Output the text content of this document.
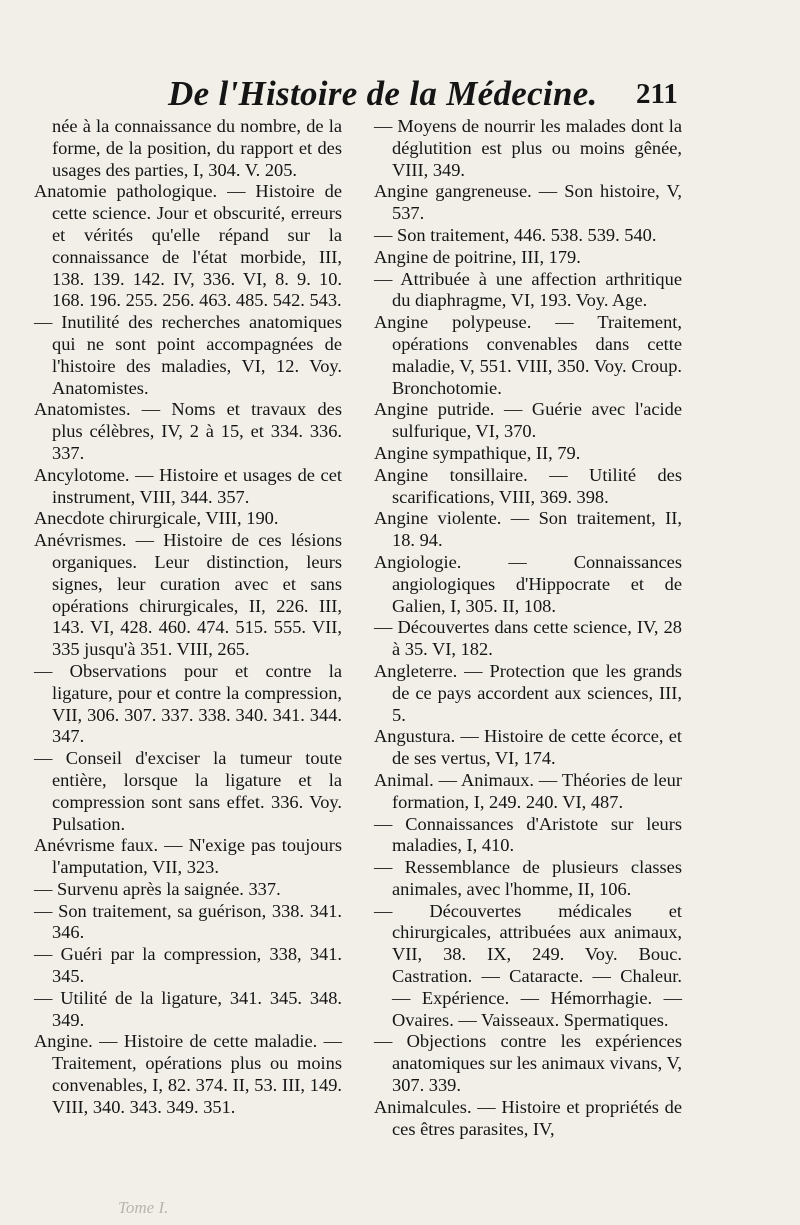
De l'Histoire de la Médecine. 211
née à la connaissance du nombre, de la forme, de la position, du rapport et des usages des parties, I, 304. V. 205.
Anatomie pathologique. — Histoire de cette science. Jour et obscurité, erreurs et vérités qu'elle répand sur la connaissance de l'état morbide, III, 138. 139. 142. IV, 336. VI, 8. 9. 10. 168. 196. 255. 256. 463. 485. 542. 543.
— Inutilité des recherches anatomiques qui ne sont point accompagnées de l'histoire des maladies, VI, 12. Voy. Anatomistes.
Anatomistes. — Noms et travaux des plus célèbres, IV, 2 à 15, et 334. 336. 337.
Ancylotome. — Histoire et usages de cet instrument, VIII, 344. 357.
Anecdote chirurgicale, VIII, 190.
Anévrismes. — Histoire de ces lésions organiques. Leur distinction, leurs signes, leur curation avec et sans opérations chirurgicales, II, 226. III, 143. VI, 428. 460. 474. 515. 555. VII, 335 jusqu'à 351. VIII, 265.
— Observations pour et contre la ligature, pour et contre la compression, VII, 306. 307. 337. 338. 340. 341. 344. 347.
— Conseil d'exciser la tumeur toute entière, lorsque la ligature et la compression sont sans effet. 336. Voy. Pulsation.
Anévrisme faux. — N'exige pas toujours l'amputation, VII, 323.
— Survenu après la saignée. 337.
— Son traitement, sa guérison, 338. 341. 346.
— Guéri par la compression, 338, 341. 345.
— Utilité de la ligature, 341. 345. 348. 349.
Angine. — Histoire de cette maladie. — Traitement, opérations plus ou moins convenables, I, 82. 374. II, 53. III, 149. VIII, 340. 343. 349. 351.
— Moyens de nourrir les malades dont la déglutition est plus ou moins gênée, VIII, 349.
Angine gangreneuse. — Son histoire, V, 537.
— Son traitement, 446. 538. 539. 540.
Angine de poitrine, III, 179.
— Attribuée à une affection arthritique du diaphragme, VI, 193. Voy. Age.
Angine polypeuse. — Traitement, opérations convenables dans cette maladie, V, 551. VIII, 350. Voy. Croup. Bronchotomie.
Angine putride. — Guérie avec l'acide sulfurique, VI, 370.
Angine sympathique, II, 79.
Angine tonsillaire. — Utilité des scarifications, VIII, 369. 398.
Angine violente. — Son traitement, II, 18. 94.
Angiologie. — Connaissances angiologiques d'Hippocrate et de Galien, I, 305. II, 108.
— Découvertes dans cette science, IV, 28 à 35. VI, 182.
Angleterre. — Protection que les grands de ce pays accordent aux sciences, III, 5.
Angustura. — Histoire de cette écorce, et de ses vertus, VI, 174.
Animal. — Animaux. — Théories de leur formation, I, 249. 240. VI, 487.
— Connaissances d'Aristote sur leurs maladies, I, 410.
— Ressemblance de plusieurs classes animales, avec l'homme, II, 106.
— Découvertes médicales et chirurgicales, attribuées aux animaux, VII, 38. IX, 249. Voy. Bouc. Castration. — Cataracte. — Chaleur. — Expérience. — Hémorrhagie. — Ovaires. — Vaisseaux. Spermatiques.
— Objections contre les expériences anatomiques sur les animaux vivans, V, 307. 339.
Animalcules. — Histoire et propriétés de ces êtres parasites, IV,
Tome I.
